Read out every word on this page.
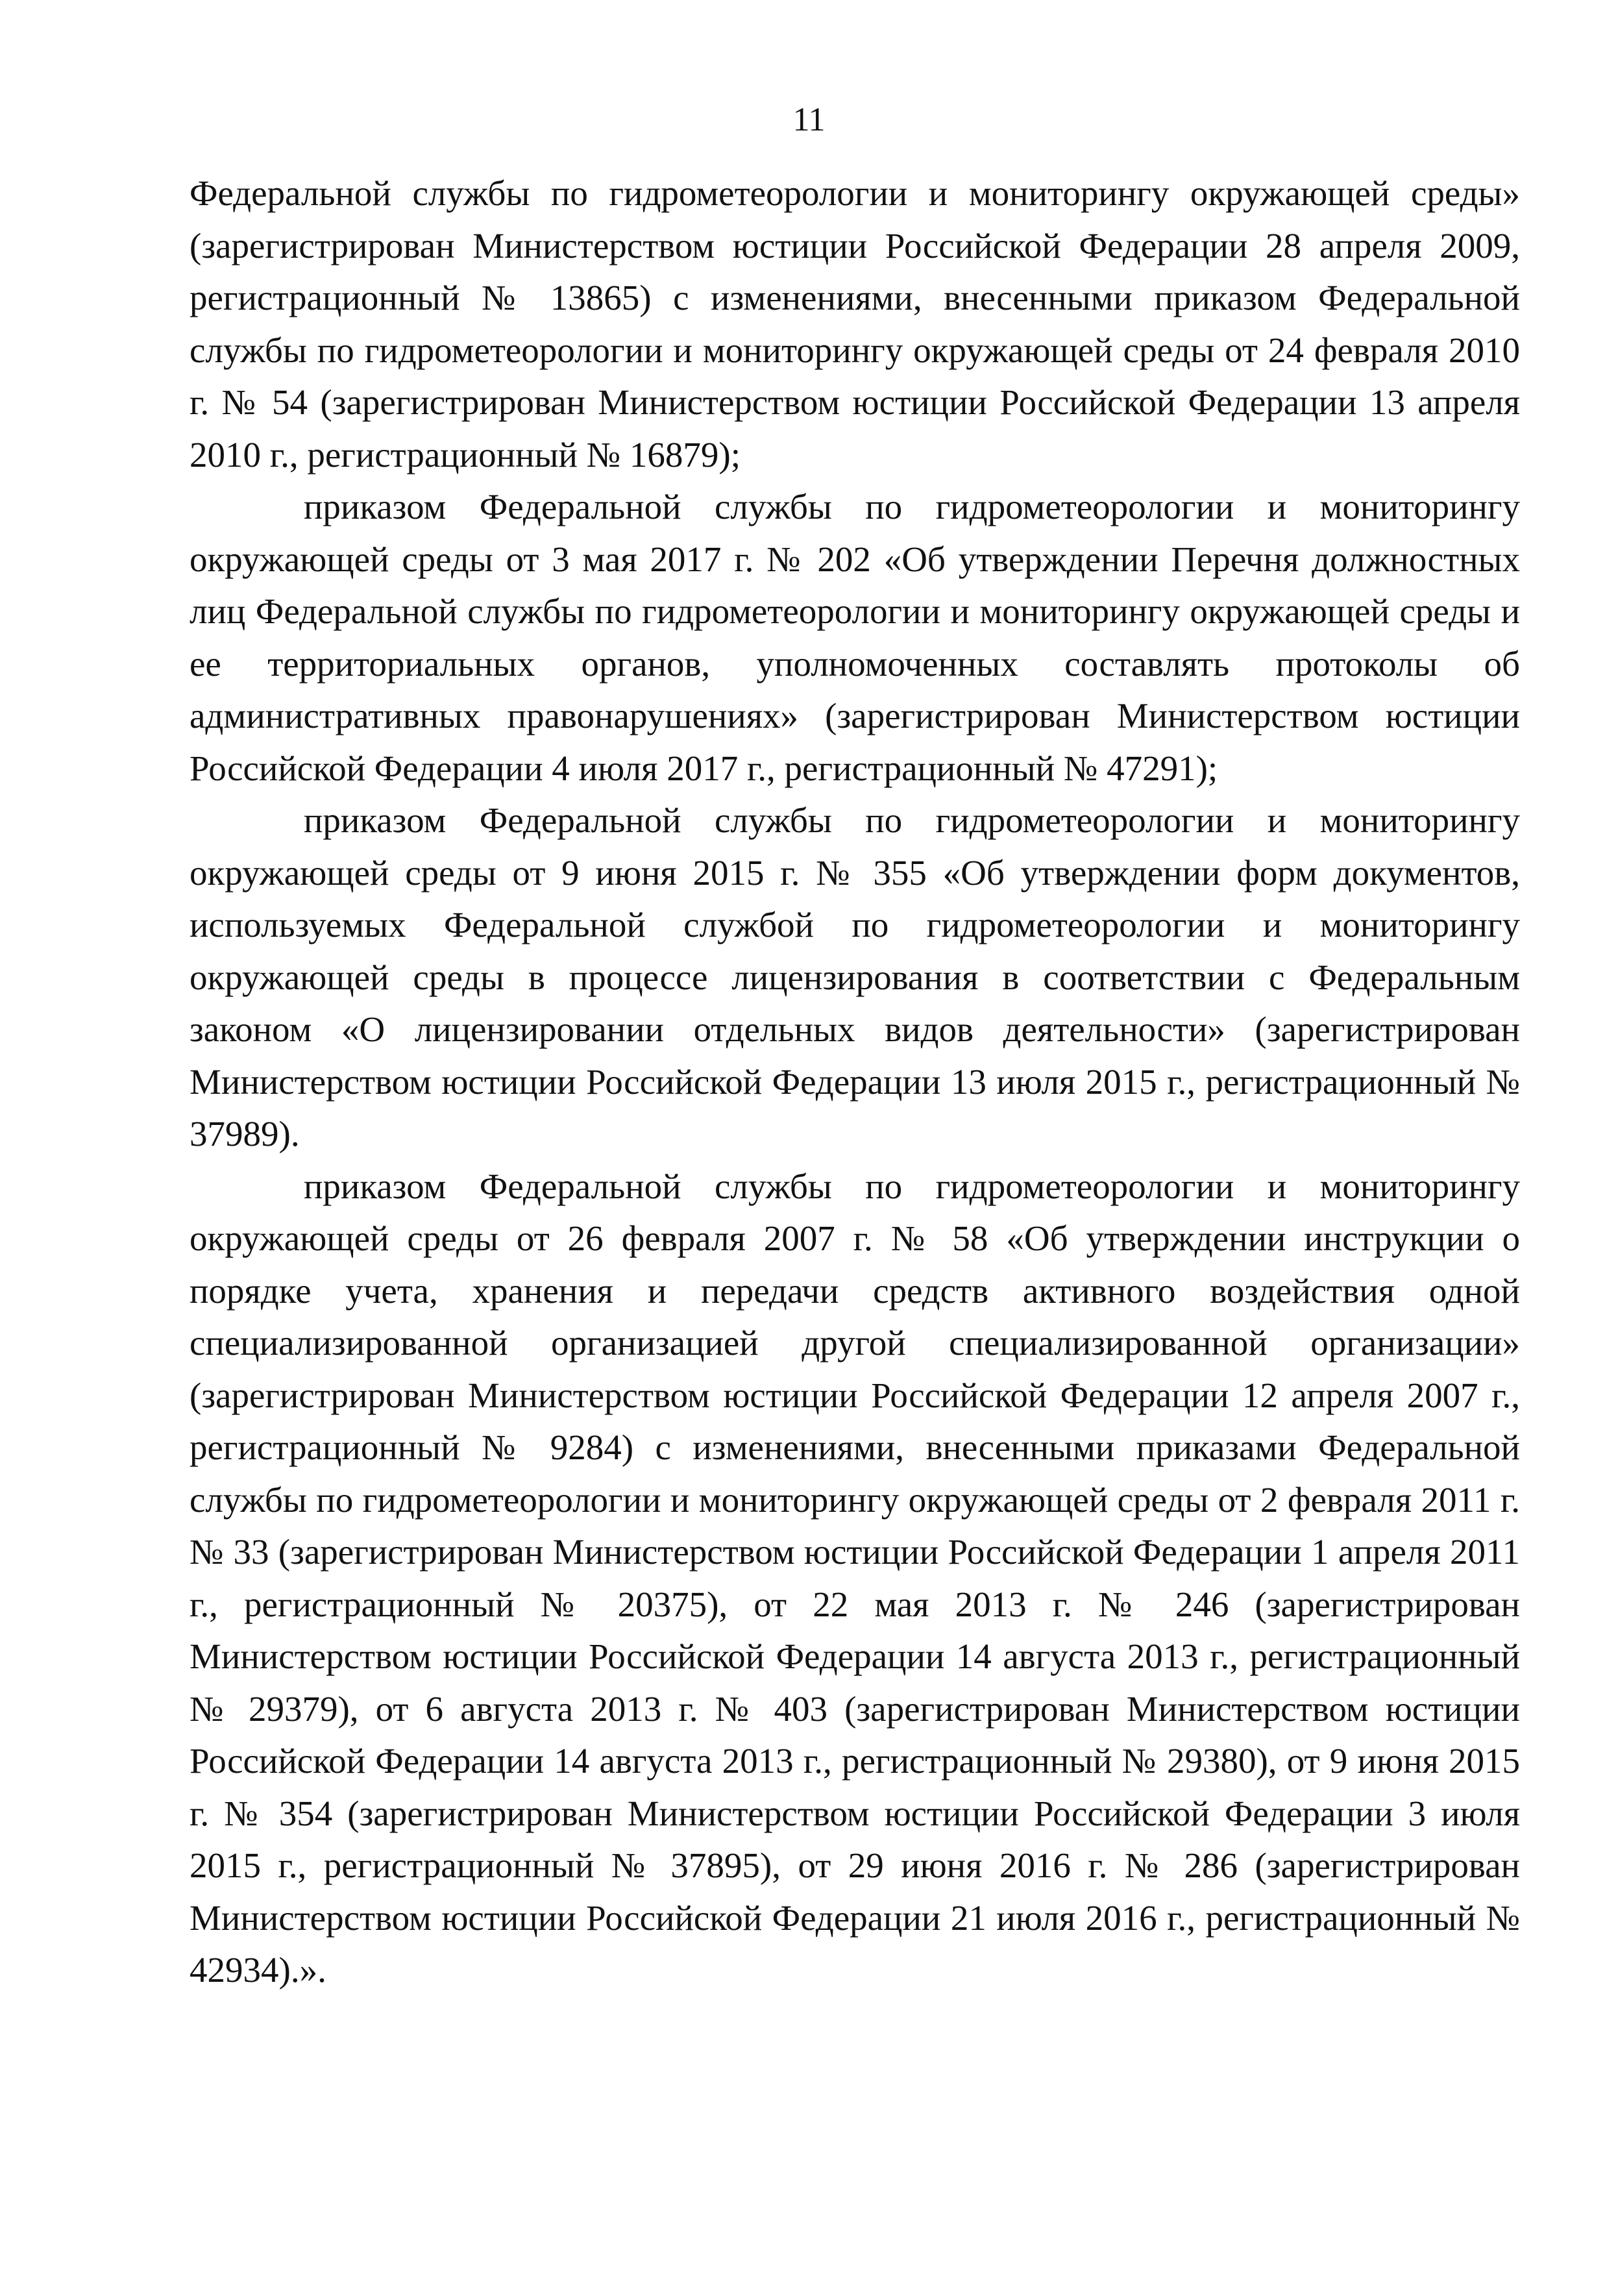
11

Федеральной службы по гидрометеорологии и мониторингу окружающей среды» (зарегистрирован Министерством юстиции Российской Федерации 28 апреля 2009, регистрационный № 13865) с изменениями, внесенными приказом Федеральной службы по гидрометеорологии и мониторингу окружающей среды от 24 февраля 2010 г. № 54 (зарегистрирован Министерством юстиции Российской Федерации 13 апреля 2010 г., регистрационный № 16879);

приказом Федеральной службы по гидрометеорологии и мониторингу окружающей среды от 3 мая 2017 г. № 202 «Об утверждении Перечня должностных лиц Федеральной службы по гидрометеорологии и мониторингу окружающей среды и ее территориальных органов, уполномоченных составлять протоколы об административных правонарушениях» (зарегистрирован Министерством юстиции Российской Федерации 4 июля 2017 г., регистрационный № 47291);

приказом Федеральной службы по гидрометеорологии и мониторингу окружающей среды от 9 июня 2015 г. № 355 «Об утверждении форм документов, используемых Федеральной службой по гидрометеорологии и мониторингу окружающей среды в процессе лицензирования в соответствии с Федеральным законом «О лицензировании отдельных видов деятельности» (зарегистрирован Министерством юстиции Российской Федерации 13 июля 2015 г., регистрационный № 37989).

приказом Федеральной службы по гидрометеорологии и мониторингу окружающей среды от 26 февраля 2007 г. № 58 «Об утверждении инструкции о порядке учета, хранения и передачи средств активного воздействия одной специализированной организацией другой специализированной организации» (зарегистрирован Министерством юстиции Российской Федерации 12 апреля 2007 г., регистрационный № 9284) с изменениями, внесенными приказами Федеральной службы по гидрометеорологии и мониторингу окружающей среды от 2 февраля 2011 г. № 33 (зарегистрирован Министерством юстиции Российской Федерации 1 апреля 2011 г., регистрационный № 20375), от 22 мая 2013 г. № 246 (зарегистрирован Министерством юстиции Российской Федерации 14 августа 2013 г., регистрационный № 29379), от 6 августа 2013 г. № 403 (зарегистрирован Министерством юстиции Российской Федерации 14 августа 2013 г., регистрационный № 29380), от 9 июня 2015 г. № 354 (зарегистрирован Министерством юстиции Российской Федерации 3 июля 2015 г., регистрационный № 37895), от 29 июня 2016 г. № 286 (зарегистрирован Министерством юстиции Российской Федерации 21 июля 2016 г., регистрационный № 42934).».
